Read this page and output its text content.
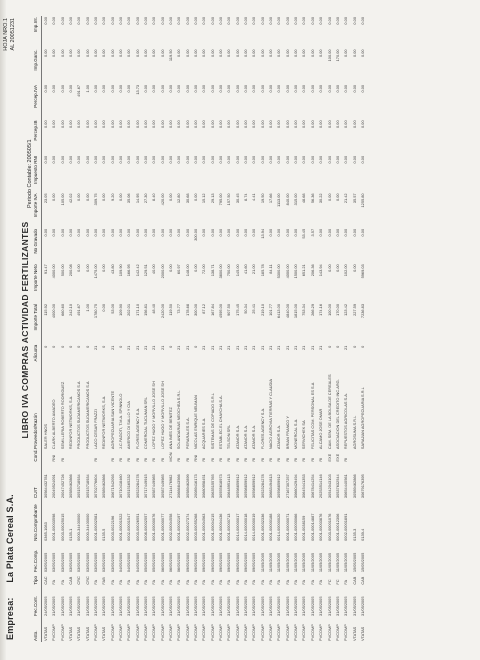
Empresa: La Plata Cereal S.A.
HOJA NRO.1 AL 20051231
LIBRO IVA COMPRAS ACTIVIDAD FERTILIZANTES
Periodo Contable: 200505/1
Asto.	Fec.Cont.	Tipo	Fec.Comp.	Nro.Comprobante	CUIT	Cond.	Proveedor/Razón	Alícuota	Importe Total	Importe Neto	No Gravado	Importe IVA	Impuesto RNI	Percep.IB	Percep.IVA	Imp.Ganc.	Imp.Int.
VTATAS	24/05/2005	CAC	03/05/2005	0365-1083	30564432781		SALER HNOS	0	115.92	91.47	0.00	23.05	0.00	0.00	0.00	0.00	0.00
PVCOMP	31/05/2005	FA	03/05/2005	0001-00003598	20049524091	RNI	CLARK ALBERTO AMADEO	0	4000.00	4000.00	0.00	0.00	0.00	0.00	0.00	0.00	0.00
PVCOMP	31/05/2005	FA	03/05/2005	0003-00025015	20047452726	RI	SEMILLERIA ROBERTO RODRIGUEZ	0	660.60	500.00	0.00	105.00	0.00	0.00	0.00	0.00	0.00
VTATAS	31/05/2005	CAB	03/05/2005	0135-1	30589462866		REDINFOR NETWORKS, S.A.	0	242.10	200.08	0.00	42.02	0.00	0.00	0.00	0.00	0.00
VTATAS	31/05/2005	CRC	03/05/2005	0000-34400000	30515718934		PRODUCTOS SUDAMERICANOS S.A	0	491.67	0.00	0.00	0.00	0.00	0.00	491.67	0.00	0.00
VTATAS	31/05/2005	CRC	03/05/2005	0000-34400000	30515718934		PRODUCTOS SUDAMERICANOS S.A	0	1.00	0.00	0.00	0.00	0.00	0.00	1.00	0.00	0.00
PVCOMP	31/05/2005	FA	03/05/2005	0001-00002581	30702776604	RI	LACO CESAR FRAZZI	21	1780.75	1475.00	0.00	309.75	0.00	0.00	0.00	0.00	0.00
VTATAS	31/05/2005	FAB	03/05/2005	0135-5	30589462866		REDINFOR NETWORKS, S.A.	0	0.00	0.00	0.00	0.00	0.00	0.00	0.00	0.00	0.00
PVCOMP	31/05/2005	FA	03/05/2005	0003-0022196	30671542093	RI	AGROPECUARIA SAN VICENTE	21	53.00	43.80	0.00	9.20	0.00	0.00	0.00	0.00	0.00
PVCOMP	31/05/2005	FA	04/05/2005	0001-00001522	30710418460	RI	J.C.FAGOTI, T.M.A. SPINNOLO	0	109.90	109.90	0.00	0.00	0.00	0.00	0.00	0.00	0.00
PVCOMP	31/05/2005	FA	04/05/2005	0002-00001547	30515165232	RI	AMERICO DI SALLO Y CIA	21	202.01	166.95	0.00	35.06	0.00	0.00	0.00	0.00	0.00
PVCOMP	31/05/2005	FA	04/05/2005	0003-00026551	30523284278	RI	FLORES AGENCY S.A.	21	171.10	142.42	0.00	14.95	0.00	0.00	13.73	0.00	0.00
PVCOMP	31/05/2005	FA	05/05/2005	0008-00002557	30717449915	RI	COMERCIAL TUCUMAN SRL	21	156.81	129.51	0.00	27.30	0.00	0.00	0.00	0.00	0.00
PVCOMP	31/05/2005	FA	05/05/2005	0001-00000076	30587449985	RI	LOPEZ HUGO Y MORVILLO JOSE SH	21	48.40	40.00	0.00	8.40	0.00	0.00	0.00	0.00	0.00
PVCOMP	31/05/2005	FA	06/05/2005	0001-00000077	30587449985	RI	LOPEZ HUGO Y MORVILLO JOSE SH	21	2420.00	2000.00	0.00	420.00	0.00	0.00	0.00	0.00	0.00
PVCOMP	31/05/2005	FA	06/05/2005	0002-00004558	27114476982	MON	ANA INES DE BENITEZ	0	119.50	0.00	0.00	0.00	0.00	0.00	0.00	119.50	0.00
PVCOMP	31/05/2005	FA	06/05/2005	0001-00002197	30686843566	RI	SOLANDARIAS NEOCHEA S.R.L	21	73.77	60.97	0.00	12.80	0.00	0.00	0.00	0.00	0.00
PVCOMP	31/05/2005	FA	09/05/2005	0002-00027374	30589462899	RI	PERARALES S.A.	21	178.68	148.00	0.00	30.68	0.00	0.00	0.00	0.00	0.00
PVCOMP	31/05/2005	FA	09/05/2005	0003-00055268	20089416173	RNI	NICOLAS ENRIQUE NEUMAN	0	300.00	0.00	300.00	0.00	0.00	0.00	0.00	0.00	0.00
PVCOMP	31/05/2005	FA	09/05/2005	0001-00004563	30680958451	RI	ACQUARIES S.A.	21	87.12	72.00	0.00	15.12	0.00	0.00	0.00	0.00	0.00
PVCOMP	31/05/2005	FA	09/05/2005	0001-00004215	30635155765	RI	SISTEMAS DE COPIADO S.R.L	21	167.84	138.71	0.00	29.13	0.00	0.00	0.00	0.00	0.00
PVCOMP	31/05/2005	FA	09/05/2005	0001-00004436	30555618973	RI	ESTABLEC.EL CHAYCHA S.A.	21	4595.00	3800.00	0.00	795.00	0.00	0.00	0.00	0.00	0.00
PVCOMP	31/05/2005	FA	09/05/2005	0001-00000713	30648951413	RI	TELSON SRL	21	907.50	750.00	0.00	157.50	0.00	0.00	0.00	0.00	0.00
PVCOMP	31/05/2005	FA	09/05/2005	0014-00000017	30598859912	RI	ATANOR S.A.	21	175.45	145.00	0.00	30.45	0.00	0.00	0.00	0.00	0.00
PVCOMP	31/05/2005	FA	09/05/2005	0014-00000018	30598859912	RI	ATANOR S.A.	21	50.34	41.60	0.00	8.74	0.00	0.00	0.00	0.00	0.00
PVCOMP	31/05/2005	FA	09/05/2005	0014-00000019	30598859912	RI	ATANOR S.A.	21	25.41	21.00	0.00	4.41	0.00	0.00	0.00	0.00	0.00
PVCOMP	31/05/2005	FA	11/05/2005	0001-00032336	30523284278	RI	FLORES AGENCY S.A.	21	219.10	185.78	13.94	19.50	0.00	0.00	0.00	0.00	0.00
PVCOMP	31/05/2005	FA	11/05/2005	0001-00000188	30683494813	RI	NACIO AGROVIA TIERRAS Y CLAUDIA	21	101.77	84.11	0.00	17.66	0.00	0.00	0.00	0.00	0.00
PVCOMP	31/05/2005	FA	11/05/2005	0014-00000020	30598859912	RI	ATANOR S.A.	21	6413.00	5300.00	0.00	1113.00	0.00	0.00	0.00	0.00	0.00
PVCOMP	31/05/2005	FA	11/05/2005	0001-00000071	27167307257	RI	BRIAN FRANCO Y	21	4840.00	4000.00	0.00	840.00	0.00	0.00	0.00	0.00	0.00
PVCOMP	31/05/2005	FA	11/05/2005	0001-00000066	30660429494	RI	MONERCAL S.A.	21	1815.00	1500.00	0.00	315.00	0.00	0.00	0.00	0.00	0.00
PVCOMP	31/05/2005	FA	11/05/2005	0001-0038159	30645441353	RI	SERVICHEK SA	21	753.34	651.21	53.45	48.68	0.00	0.00	0.00	0.00	0.00
PVCOMP	31/05/2005	FA	11/05/2005	0001-00014887	30678414254	RI	FELICITAS COM. PERSONAL ES S.A	21	266.29	206.36	3.57	56.36	0.00	0.00	0.00	0.00	0.00
PVCOMP	31/05/2005	FA	11/05/2005	0001-00003876	20253514146	RI	ALCAMO JOSE OMAR	21	174.16	143.94	0.00	30.22	0.00	0.00	0.00	0.00	0.00
PVCOMP	31/05/2005	FC	11/05/2005	0003-00001076	30542043103	EXE	CAM. SEM. DE LA BOLSA DE CEREALES	0	100.00	0.00	0.00	0.00	0.00	0.00	0.00	100.00	0.00
PVCOMP	31/05/2005	FC	11/05/2005	0001-00012306	30537632544	EXE	ASOCIACION DEL CREDITO INC.ARG.	0	170.00	0.00	0.00	0.00	0.00	0.00	0.00	170.00	0.00
PVCOMP	31/05/2005	FA	11/05/2005	0002-00001891	30654440561	RI	REPUESTOS AGRICOLAS S.A.	21	123.42	102.00	0.00	21.42	0.00	0.00	0.00	0.00	0.00
VTATAS	31/05/2005	CAB	15/05/2005	0135-3	30589462866		AGROSUMA S.R.L	0	227.59	0.00	0.00	35.57	0.00	0.00	0.00	0.00	0.00
VTATAS	31/05/2005	CAB	15/05/2005	0139-4	30679176395		SARAJIAN AGROPECUARIA S.R.L	0	7236.83	5969.03	0.00	1255.80	0.00	0.00	0.00	0.00	0.00
